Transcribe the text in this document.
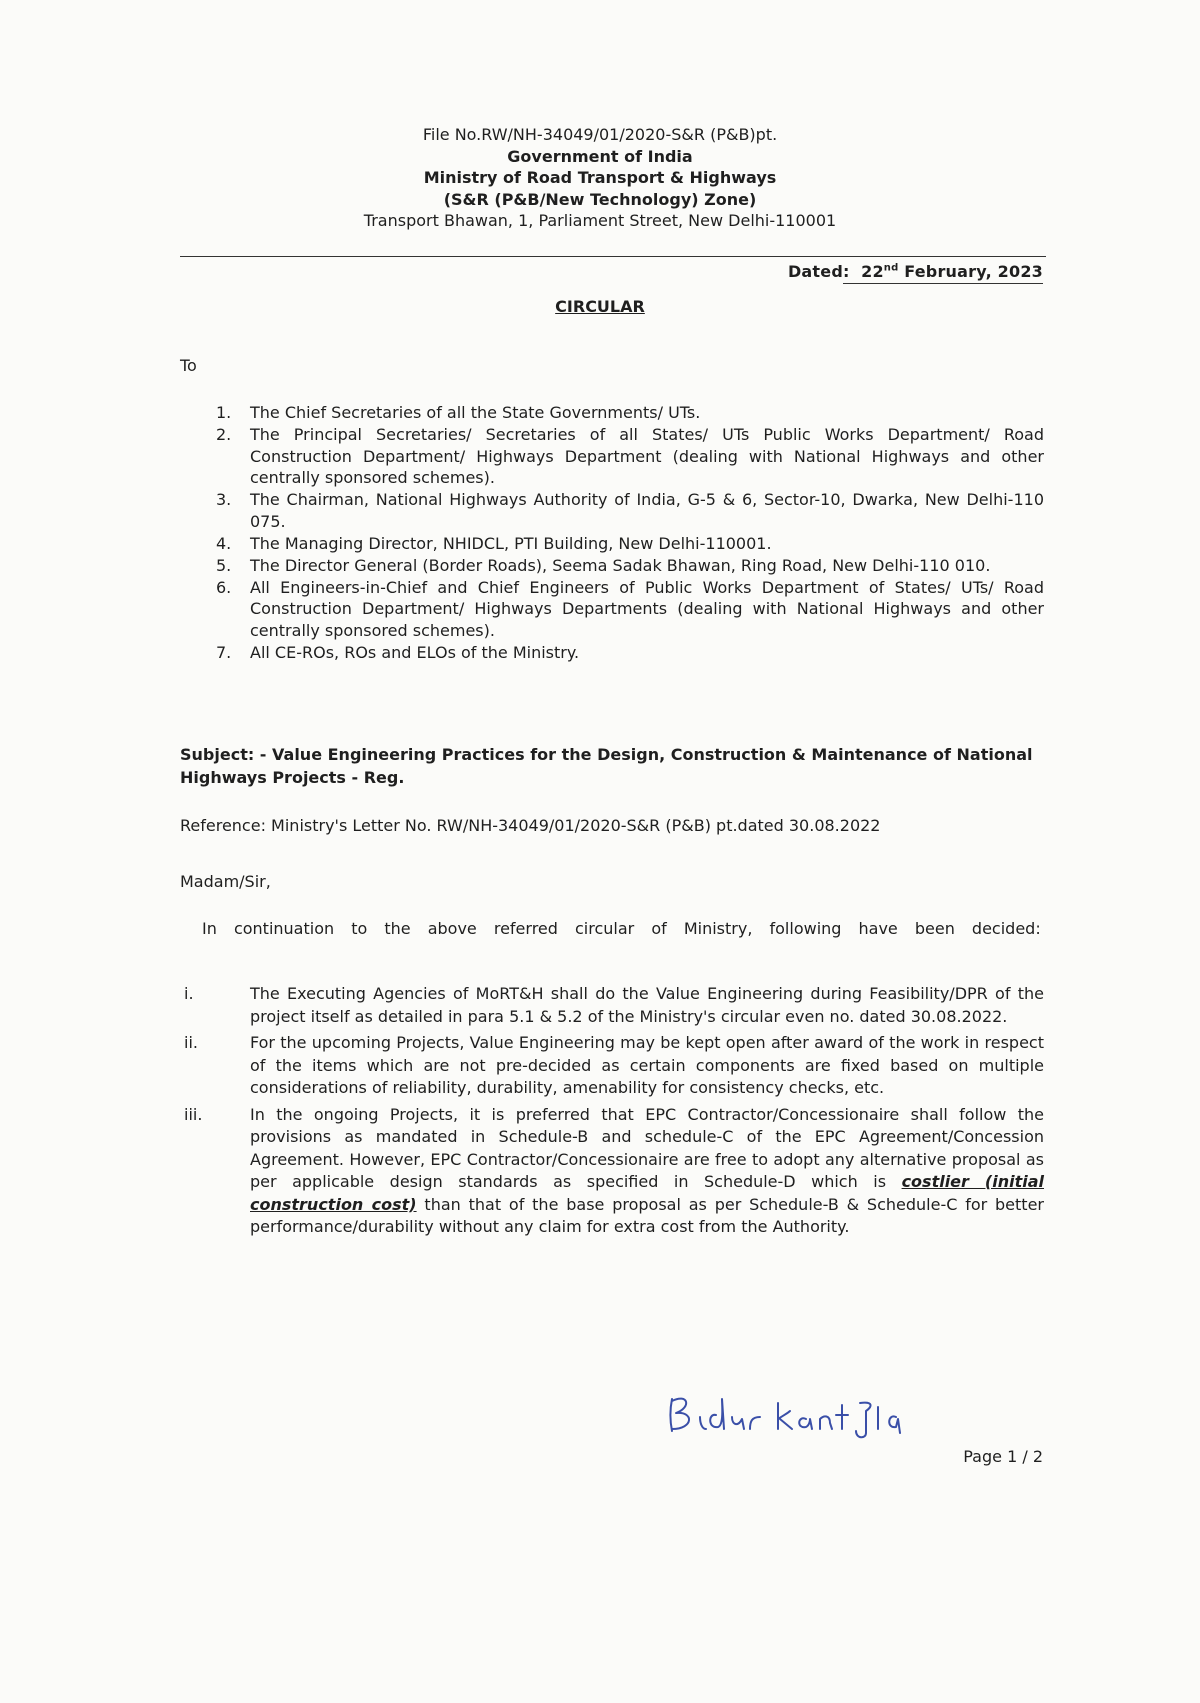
File No.RW/NH-34049/01/2020-S&R (P&B)pt.
Government of India
Ministry of Road Transport & Highways
(S&R (P&B/New Technology) Zone)
Transport Bhawan, 1, Parliament Street, New Delhi-110001
Dated: 22nd February, 2023
CIRCULAR
To
1. The Chief Secretaries of all the State Governments/ UTs.
2. The Principal Secretaries/ Secretaries of all States/ UTs Public Works Department/ Road Construction Department/ Highways Department (dealing with National Highways and other centrally sponsored schemes).
3. The Chairman, National Highways Authority of India, G-5 & 6, Sector-10, Dwarka, New Delhi-110 075.
4. The Managing Director, NHIDCL, PTI Building, New Delhi-110001.
5. The Director General (Border Roads), Seema Sadak Bhawan, Ring Road, New Delhi-110 010.
6. All Engineers-in-Chief and Chief Engineers of Public Works Department of States/ UTs/ Road Construction Department/ Highways Departments (dealing with National Highways and other centrally sponsored schemes).
7. All CE-ROs, ROs and ELOs of the Ministry.
Subject: - Value Engineering Practices for the Design, Construction & Maintenance of National Highways Projects - Reg.
Reference: Ministry's Letter No. RW/NH-34049/01/2020-S&R (P&B) pt.dated 30.08.2022
Madam/Sir,
In continuation to the above referred circular of Ministry, following have been decided:
i.	The Executing Agencies of MoRT&H shall do the Value Engineering during Feasibility/DPR of the project itself as detailed in para 5.1 & 5.2 of the Ministry's circular even no. dated 30.08.2022.
ii.	For the upcoming Projects, Value Engineering may be kept open after award of the work in respect of the items which are not pre-decided as certain components are fixed based on multiple considerations of reliability, durability, amenability for consistency checks, etc.
iii.	In the ongoing Projects, it is preferred that EPC Contractor/Concessionaire shall follow the provisions as mandated in Schedule-B and schedule-C of the EPC Agreement/Concession Agreement. However, EPC Contractor/Concessionaire are free to adopt any alternative proposal as per applicable design standards as specified in Schedule-D which is costlier (initial construction cost) than that of the base proposal as per Schedule-B & Schedule-C for better performance/durability without any claim for extra cost from the Authority.
Page 1 / 2
